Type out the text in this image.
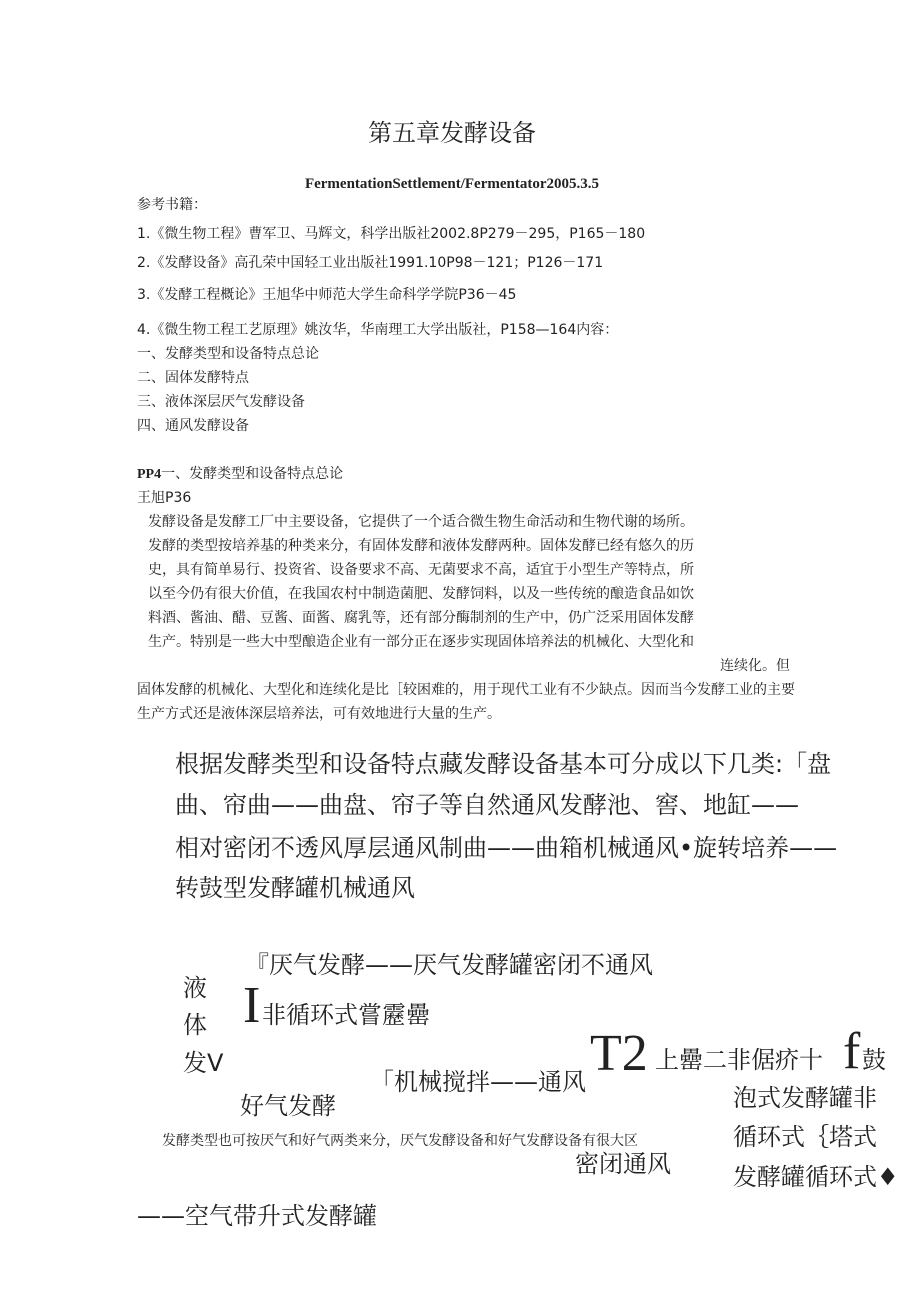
第五章发酵设备
FermentationSettlement/Fermentator2005.3.5
参考书籍：
1.《微生物工程》曹军卫、马辉文，科学出版社2002.8P279－295，P165－180
2.《发酵设备》高孔荣中国轻工业出版社1991.10P98－121；P126－171
3.《发酵工程概论》王旭华中师范大学生命科学学院P36－45
4.《微生物工程工艺原理》姚汝华，华南理工大学出版社，P158—164内容：
一、发酵类型和设备特点总论
二、固体发酵特点
三、液体深层厌气发酵设备
四、通风发酵设备
PP4一、发酵类型和设备特点总论
王旭P36
发酵设备是发酵工厂中主要设备，它提供了一个适合微生物生命活动和生物代谢的场所。
发酵的类型按培养基的种类来分，有固体发酵和液体发酵两种。固体发酵已经有悠久的历
史，具有简单易行、投资省、设备要求不高、无菌要求不高，适宜于小型生产等特点，所
以至今仍有很大价值，在我国农村中制造菌肥、发酵饲料，以及一些传统的酿造食品如饮
料酒、酱油、醋、豆酱、面酱、腐乳等，还有部分酶制剂的生产中，仍广泛采用固体发酵
生产。特别是一些大中型酿造企业有一部分正在逐步实现固体培养法的机械化、大型化和
连续化。但
固体发酵的机械化、大型化和连续化是比［较困难的，用于现代工业有不少缺点。因而当今发酵工业的主要
生产方式还是液体深层培养法，可有效地进行大量的生产。
根据发酵类型和设备特点藏发酵设备基本可分成以下几类:「盘
曲、帘曲——曲盘、帘子等自然通风发酵池、窖、地缸——
相对密闭不透风厚层通风制曲——曲箱机械通风•旋转培养——
转鼓型发酵罐机械通风
『厌气发酵——厌气发酵罐密闭不通风
液
体
发V
I 非循环式嘗靂罍
「机械搅拌——通风 T2 上罍二非倨疥十 f 鼓
泡式发酵罐非
循环式｛塔式
发酵罐循环式♦
好气发酵
发酵类型也可按厌气和好气两类来分，厌气发酵设备和好气发酵设备有很大区
密闭通风
——空气带升式发酵罐
